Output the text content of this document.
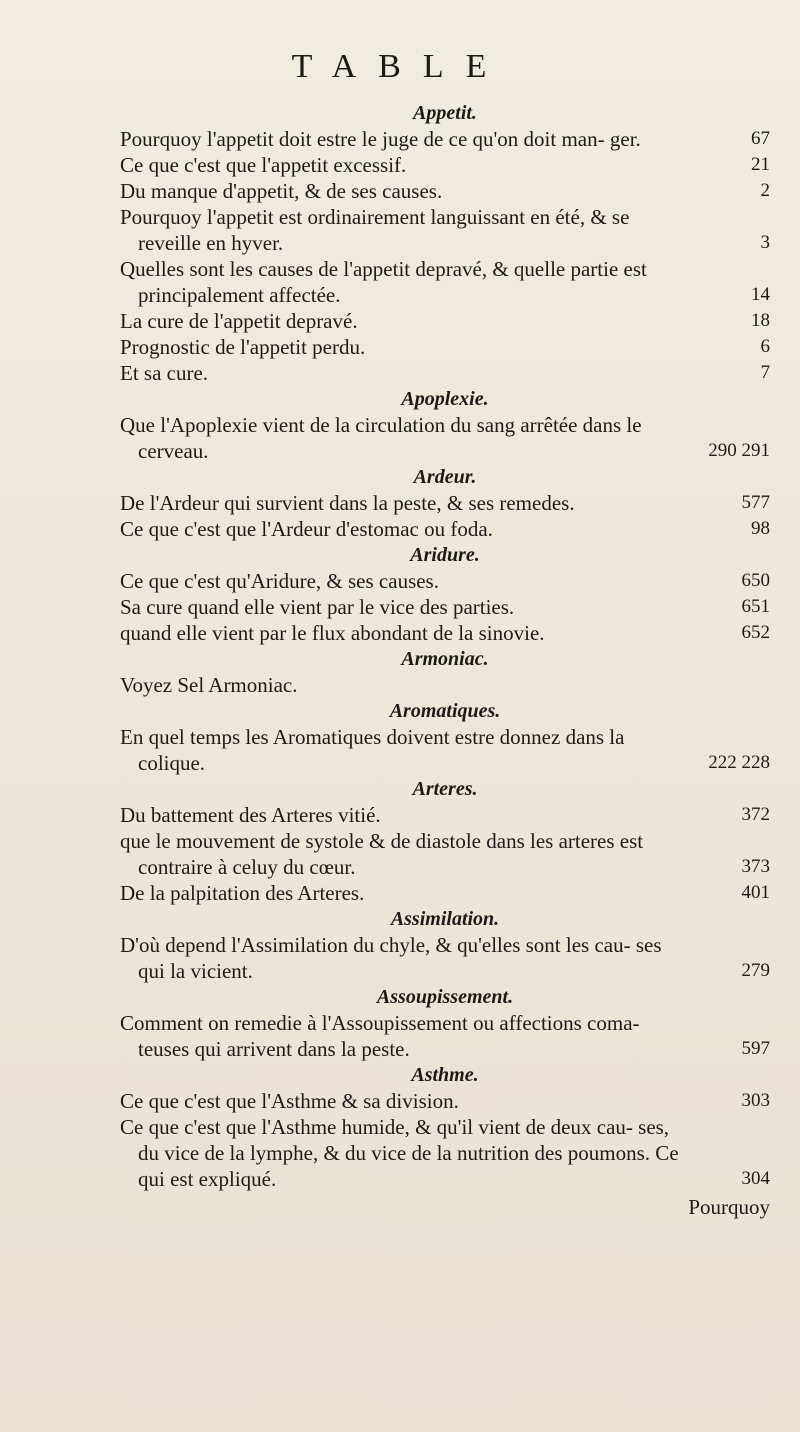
TABLE
Appetit.
Pourquoy l'appetit doit estre le juge de ce qu'on doit man- ger.	67
Ce que c'est que l'appetit excessif.	21
Du manque d'appetit, & de ses causes.	2
Pourquoy l'appetit est ordinairement languissant en été, & se reveille en hyver.	3
Quelles sont les causes de l'appetit depravé, & quelle partie est principalement affectée.	14
La cure de l'appetit depravé.	18
Prognostic de l'appetit perdu.	6
Et sa cure.	7
Apoplexie.
Que l'Apoplexie vient de la circulation du sang arrêtée dans le cerveau.	290 291
Ardeur.
De l'Ardeur qui survient dans la peste, & ses remedes.	577
Ce que c'est que l'Ardeur d'estomac ou foda.	98
Aridure.
Ce que c'est qu'Aridure, & ses causes.	650
Sa cure quand elle vient par le vice des parties.	651
quand elle vient par le flux abondant de la sinovie.	652
Armoniac.
Voyez Sel Armoniac.
Aromatiques.
En quel temps les Aromatiques doivent estre donnez dans la colique.	222 228
Arteres.
Du battement des Arteres vitié.	372
que le mouvement de systole & de diastole dans les arteres est contraire à celuy du cœur.	373
De la palpitation des Arteres.	401
Assimilation.
D'où depend l'Assimilation du chyle, & qu'elles sont les cau- ses qui la vicient.	279
Assoupissement.
Comment on remedie à l'Assoupissement ou affections coma- teuses qui arrivent dans la peste.	597
Asthme.
Ce que c'est que l'Asthme & sa division.	303
Ce que c'est que l'Asthme humide, & qu'il vient de deux cau- ses, du vice de la lymphe, & du vice de la nutrition des poumons. Ce qui est expliqué.	304
Pourquoy
